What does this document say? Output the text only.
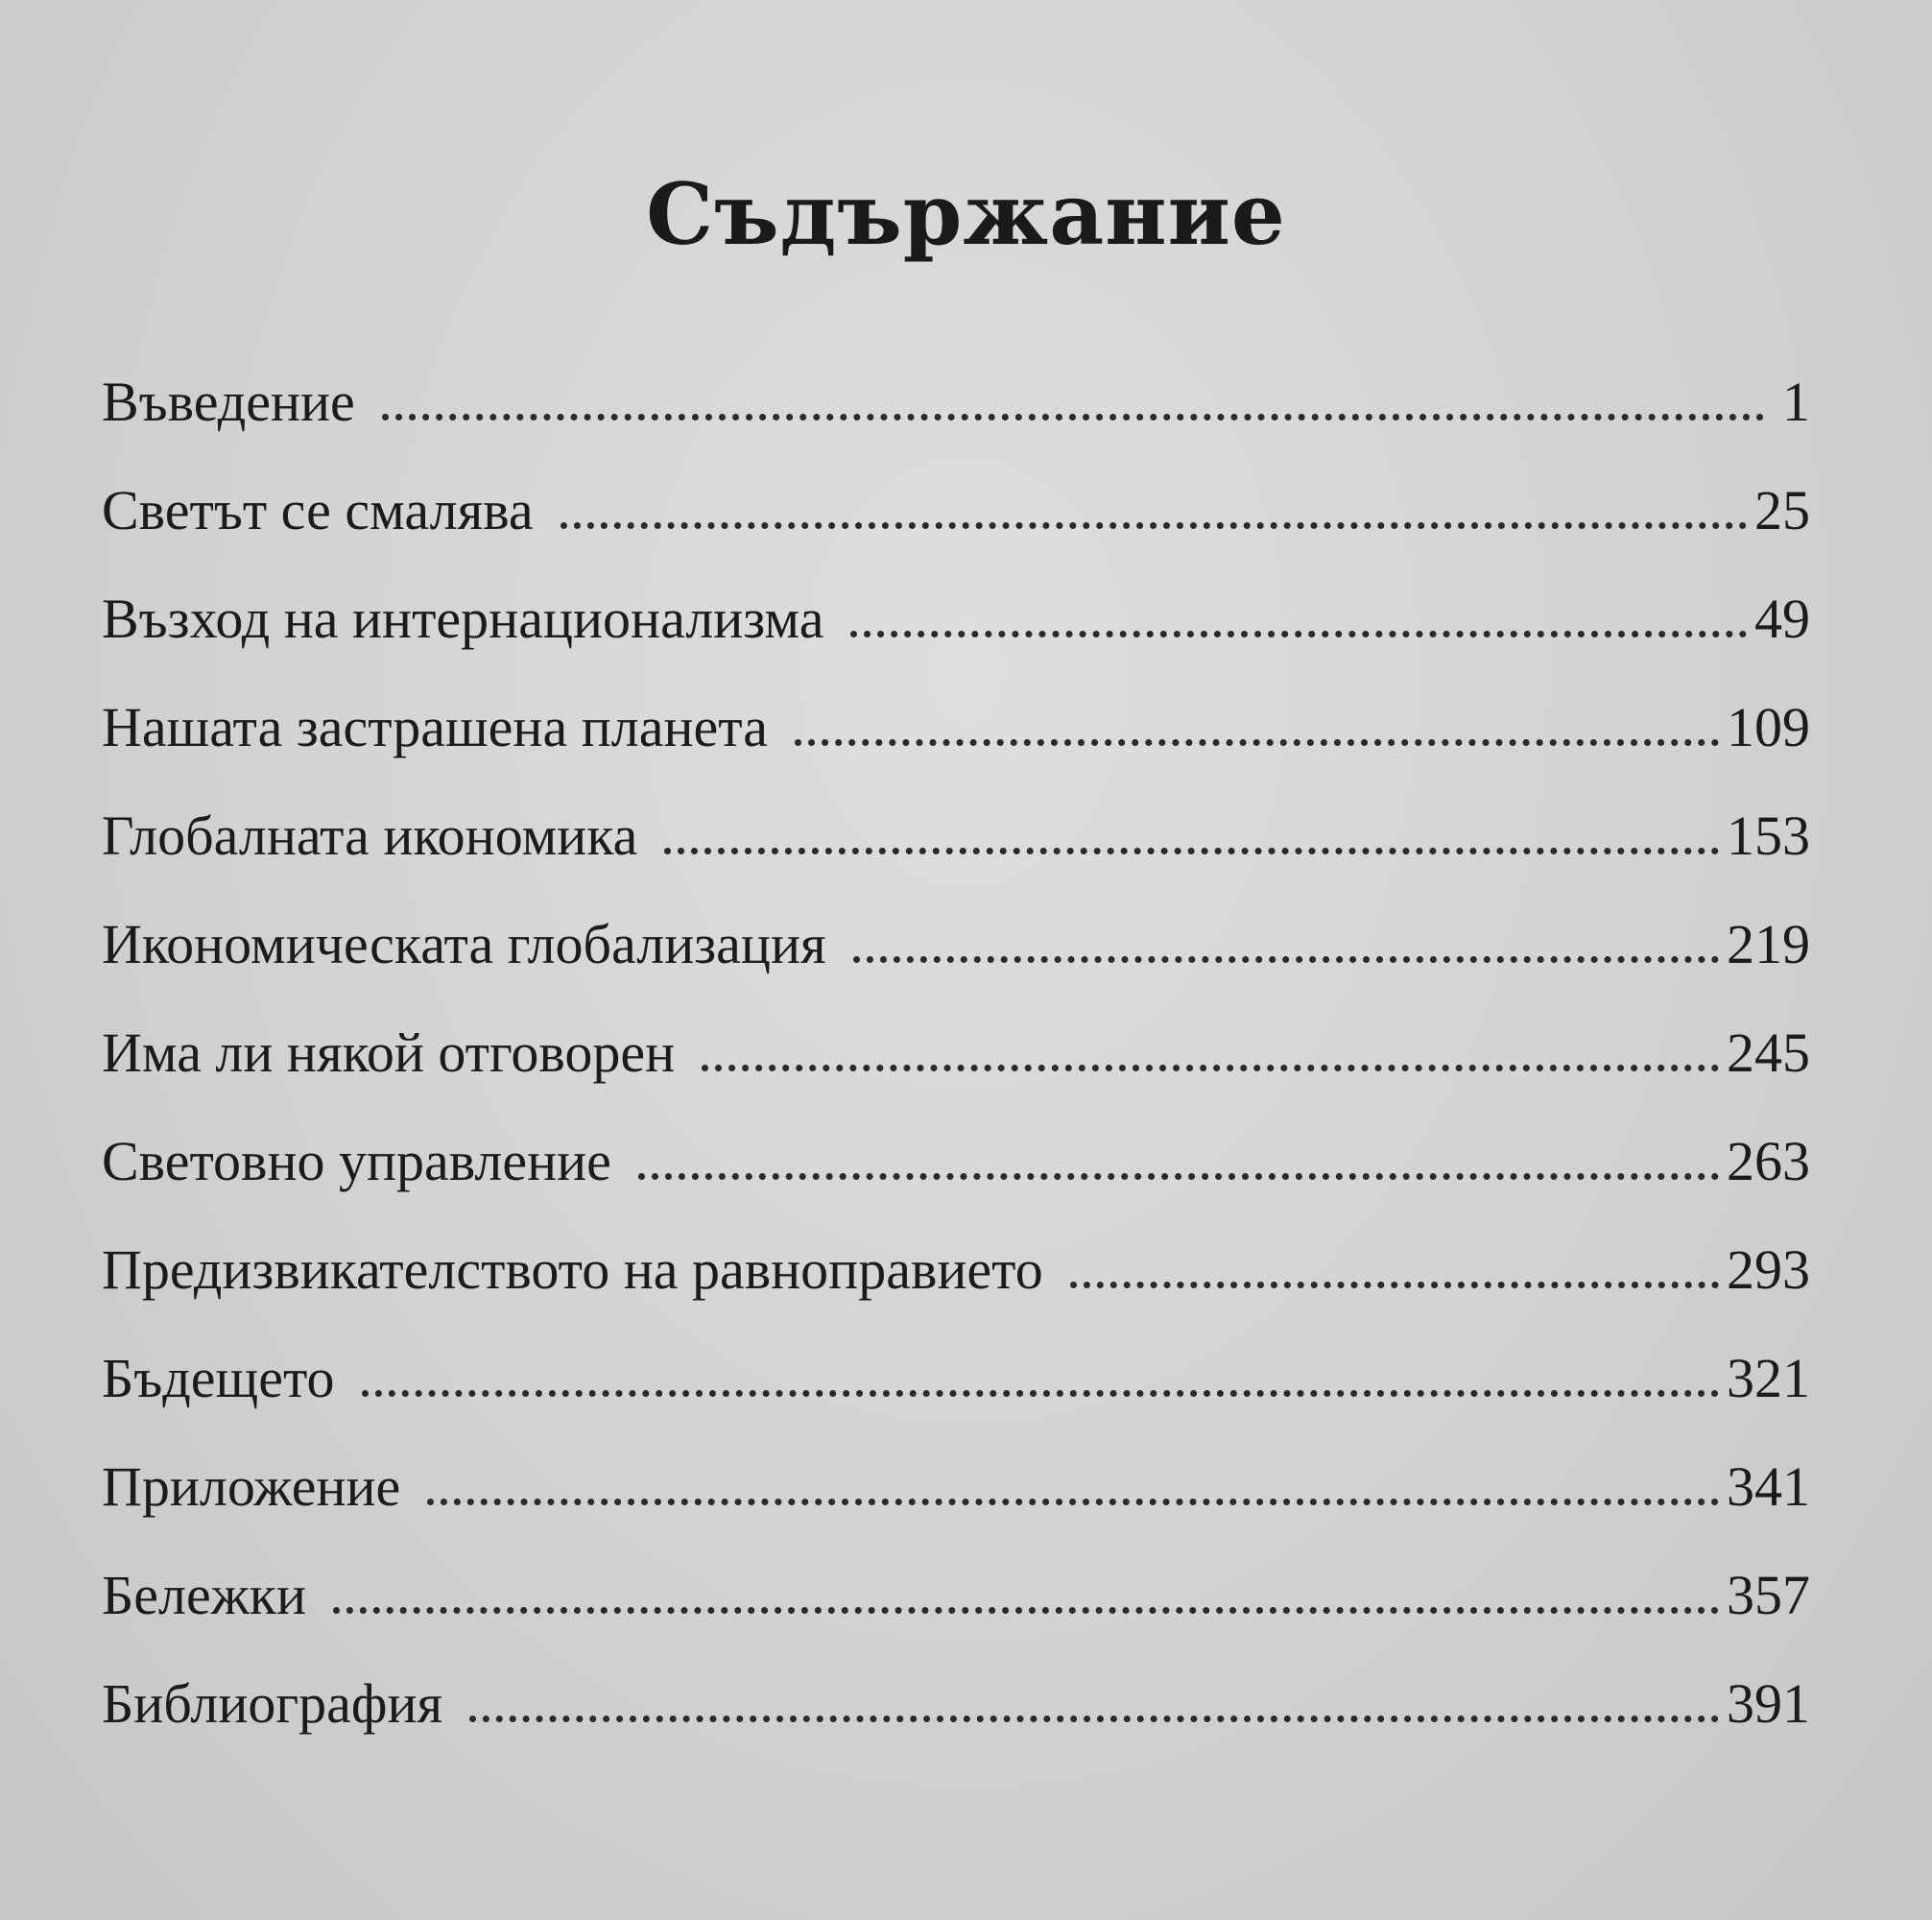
Съдържание
Въведение	1
Светът се смалява	25
Възход на интернационализма	49
Нашата застрашена планета	109
Глобалната икономика	153
Икономическата глобализация	219
Има ли някой отговорен	245
Световно управление	263
Предизвикателството на равноправието	293
Бъдещето	321
Приложение	341
Бележки	357
Библиография	391
